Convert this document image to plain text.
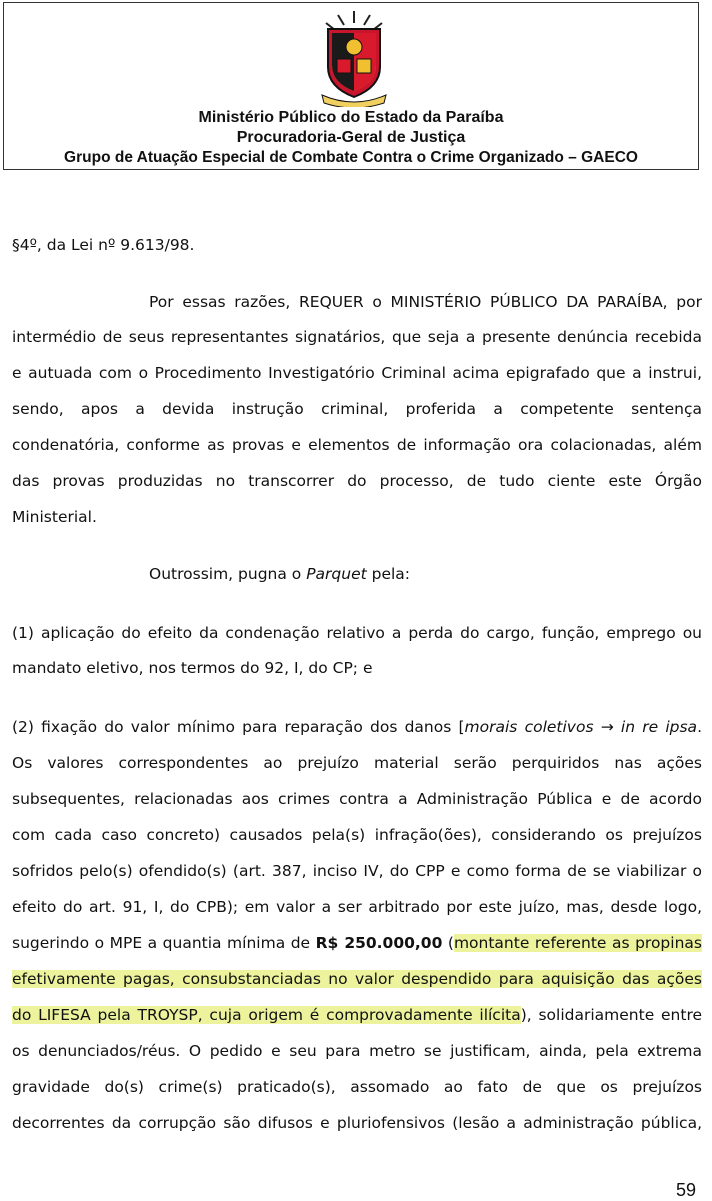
Ministério Público do Estado da Paraíba
Procuradoria-Geral de Justiça
Grupo de Atuação Especial de Combate Contra o Crime Organizado – GAECO
§4º, da Lei nº 9.613/98.
Por essas razões, REQUER o MINISTÉRIO PÚBLICO DA PARAÍBA, por
intermédio de seus representantes signatários, que seja a presente denúncia recebida
e autuada com o Procedimento Investigatório Criminal acima epigrafado que a instrui,
sendo, apos a devida instrução criminal, proferida a competente sentença
condenatória, conforme as provas e elementos de informação ora colacionadas, além
das provas produzidas no transcorrer do processo, de tudo ciente este Órgão
Ministerial.
Outrossim, pugna o Parquet pela:
(1) aplicação do efeito da condenação relativo a perda do cargo, função, emprego ou
mandato eletivo, nos termos do 92, I, do CP; e
(2) fixação do valor mínimo para reparação dos danos [morais coletivos → in re ipsa.
Os valores correspondentes ao prejuízo material serão perquiridos nas ações
subsequentes, relacionadas aos crimes contra a Administração Pública e de acordo
com cada caso concreto) causados pela(s) infração(ões), considerando os prejuízos
sofridos pelo(s) ofendido(s) (art. 387, inciso IV, do CPP e como forma de se viabilizar o
efeito do art. 91, I, do CPB); em valor a ser arbitrado por este juízo, mas, desde logo,
sugerindo o MPE a quantia mínima de R$ 250.000,00 (montante referente as propinas
efetivamente pagas, consubstanciadas no valor despendido para aquisição das ações
do LIFESA pela TROYSP, cuja origem é comprovadamente ilícita), solidariamente entre
os denunciados/réus. O pedido e seu para metro se justificam, ainda, pela extrema
gravidade do(s) crime(s) praticado(s), assomado ao fato de que os prejuízos
decorrentes da corrupção são difusos e pluriofensivos (lesão a administração pública,
59
